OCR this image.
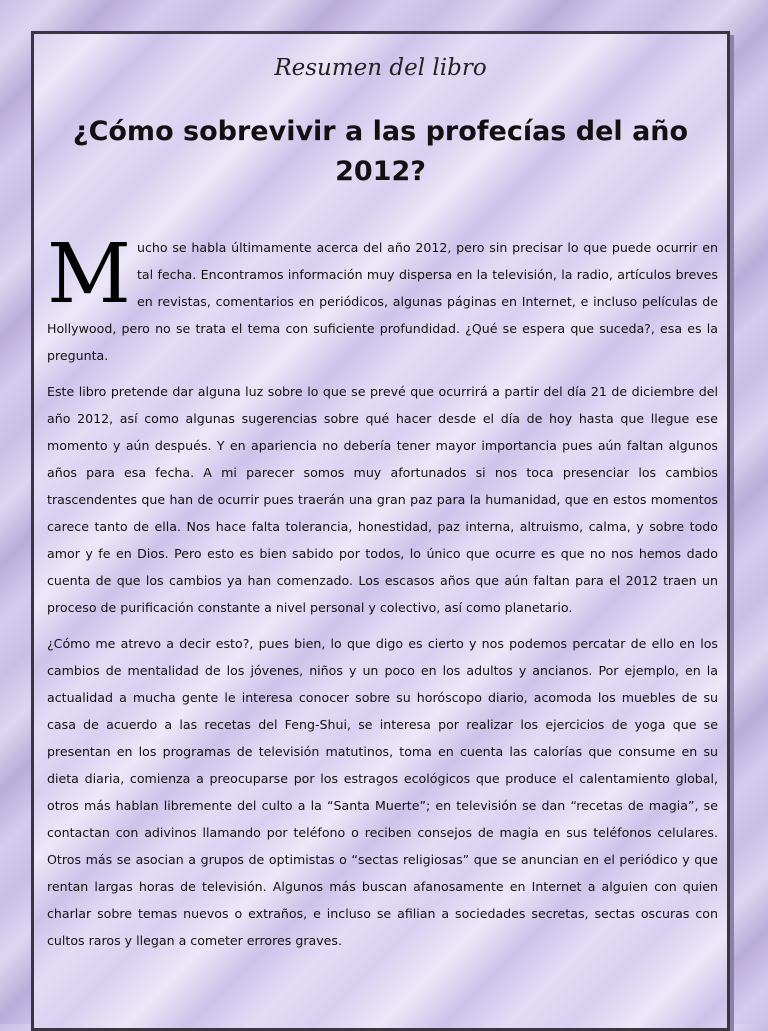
Resumen del libro
¿Cómo sobrevivir a las profecías del año 2012?

Mucho se habla últimamente acerca del año 2012, pero sin precisar lo que puede ocurrir en tal fecha. Encontramos información muy dispersa en la televisión, la radio, artículos breves en revistas, comentarios en periódicos, algunas páginas en Internet, e incluso películas de Hollywood, pero no se trata el tema con suficiente profundidad. ¿Qué se espera que suceda?, esa es la pregunta.

Este libro pretende dar alguna luz sobre lo que se prevé que ocurrirá a partir del día 21 de diciembre del año 2012, así como algunas sugerencias sobre qué hacer desde el día de hoy hasta que llegue ese momento y aún después. Y en apariencia no debería tener mayor importancia pues aún faltan algunos años para esa fecha. A mi parecer somos muy afortunados si nos toca presenciar los cambios trascendentes que han de ocurrir pues traerán una gran paz para la humanidad, que en estos momentos carece tanto de ella. Nos hace falta tolerancia, honestidad, paz interna, altruismo, calma, y sobre todo amor y fe en Dios. Pero esto es bien sabido por todos, lo único que ocurre es que no nos hemos dado cuenta de que los cambios ya han comenzado. Los escasos años que aún faltan para el 2012 traen un proceso de purificación constante a nivel personal y colectivo, así como planetario.

¿Cómo me atrevo a decir esto?, pues bien, lo que digo es cierto y nos podemos percatar de ello en los cambios de mentalidad de los jóvenes, niños y un poco en los adultos y ancianos. Por ejemplo, en la actualidad a mucha gente le interesa conocer sobre su horóscopo diario, acomoda los muebles de su casa de acuerdo a las recetas del Feng-Shui, se interesa por realizar los ejercicios de yoga que se presentan en los programas de televisión matutinos, toma en cuenta las calorías que consume en su dieta diaria, comienza a preocuparse por los estragos ecológicos que produce el calentamiento global, otros más hablan libremente del culto a la “Santa Muerte”; en televisión se dan “recetas de magia”, se contactan con adivinos llamando por teléfono o reciben consejos de magia en sus teléfonos celulares. Otros más se asocian a grupos de optimistas o “sectas religiosas” que se anuncian en el periódico y que rentan largas horas de televisión. Algunos más buscan afanosamente en Internet a alguien con quien charlar sobre temas nuevos o extraños, e incluso se afilian a sociedades secretas, sectas oscuras con cultos raros y llegan a cometer errores graves.
